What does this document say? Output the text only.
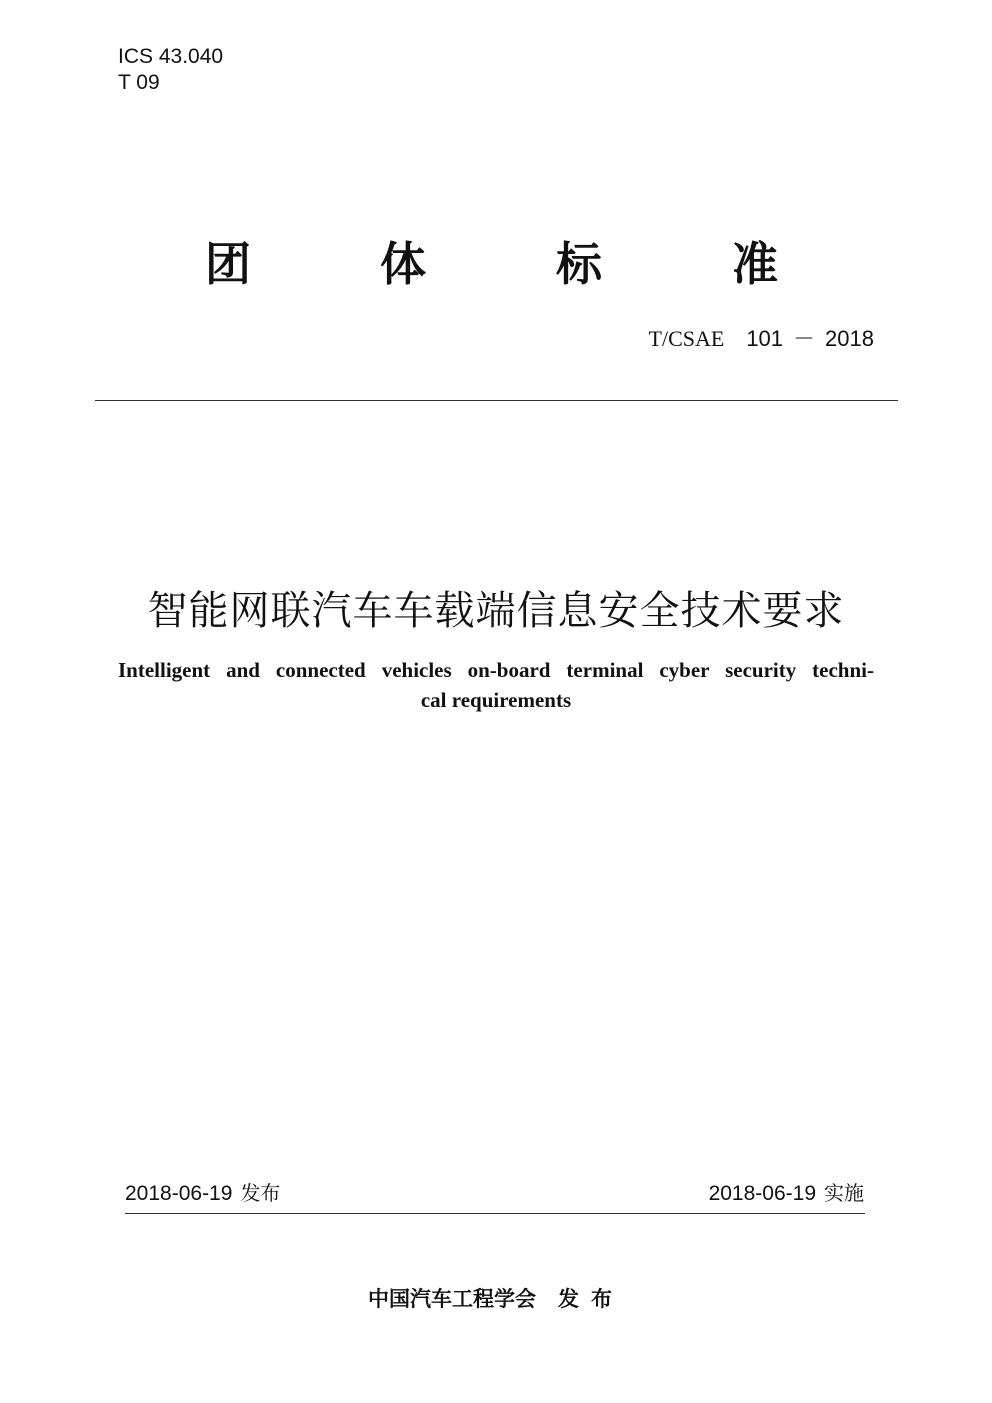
ICS 43.040
T 09
团	体	标	准
T/CSAE 101 － 2018
智能网联汽车车载端信息安全技术要求
Intelligent and connected vehicles on-board terminal cyber security techni-
cal requirements
2018-06-19 发布	2018-06-19 实施
中国汽车工程学会 发布
